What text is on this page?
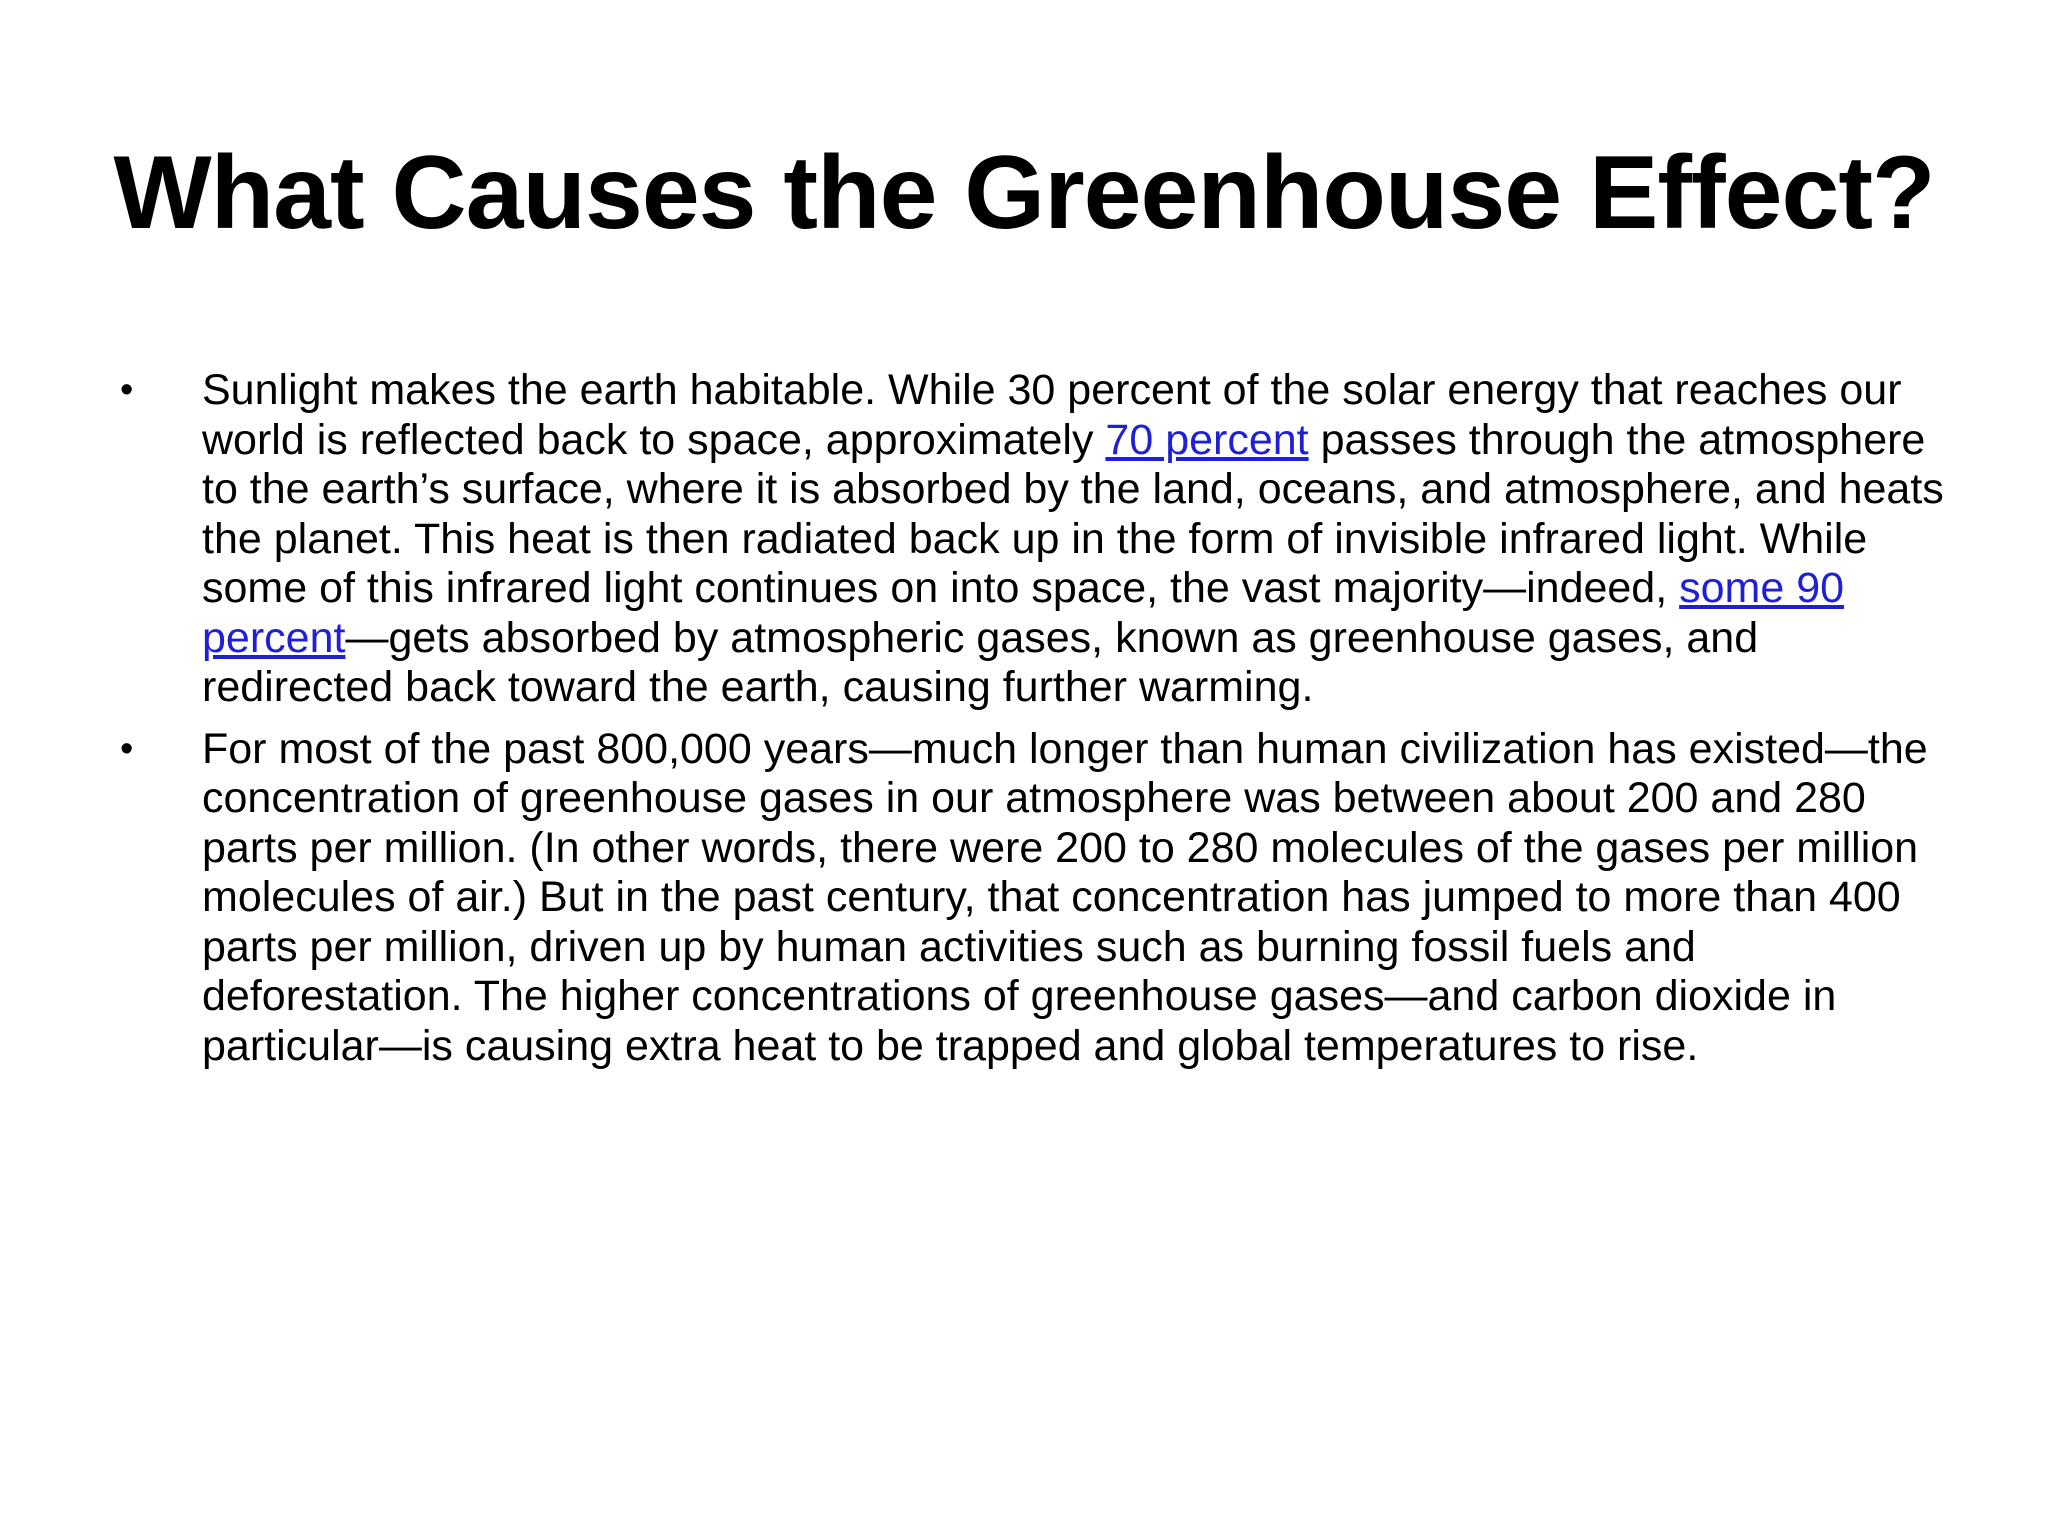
What Causes the Greenhouse Effect?
•	Sunlight makes the earth habitable. While 30 percent of the solar energy that reaches our world is reflected back to space, approximately 70 percent passes through the atmosphere to the earth’s surface, where it is absorbed by the land, oceans, and atmosphere, and heats the planet. This heat is then radiated back up in the form of invisible infrared light. While some of this infrared light continues on into space, the vast majority—indeed, some 90 percent—gets absorbed by atmospheric gases, known as greenhouse gases, and redirected back toward the earth, causing further warming.
•	For most of the past 800,000 years—much longer than human civilization has existed—the concentration of greenhouse gases in our atmosphere was between about 200 and 280 parts per million. (In other words, there were 200 to 280 molecules of the gases per million molecules of air.) But in the past century, that concentration has jumped to more than 400 parts per million, driven up by human activities such as burning fossil fuels and deforestation. The higher concentrations of greenhouse gases—and carbon dioxide in particular—is causing extra heat to be trapped and global temperatures to rise.
